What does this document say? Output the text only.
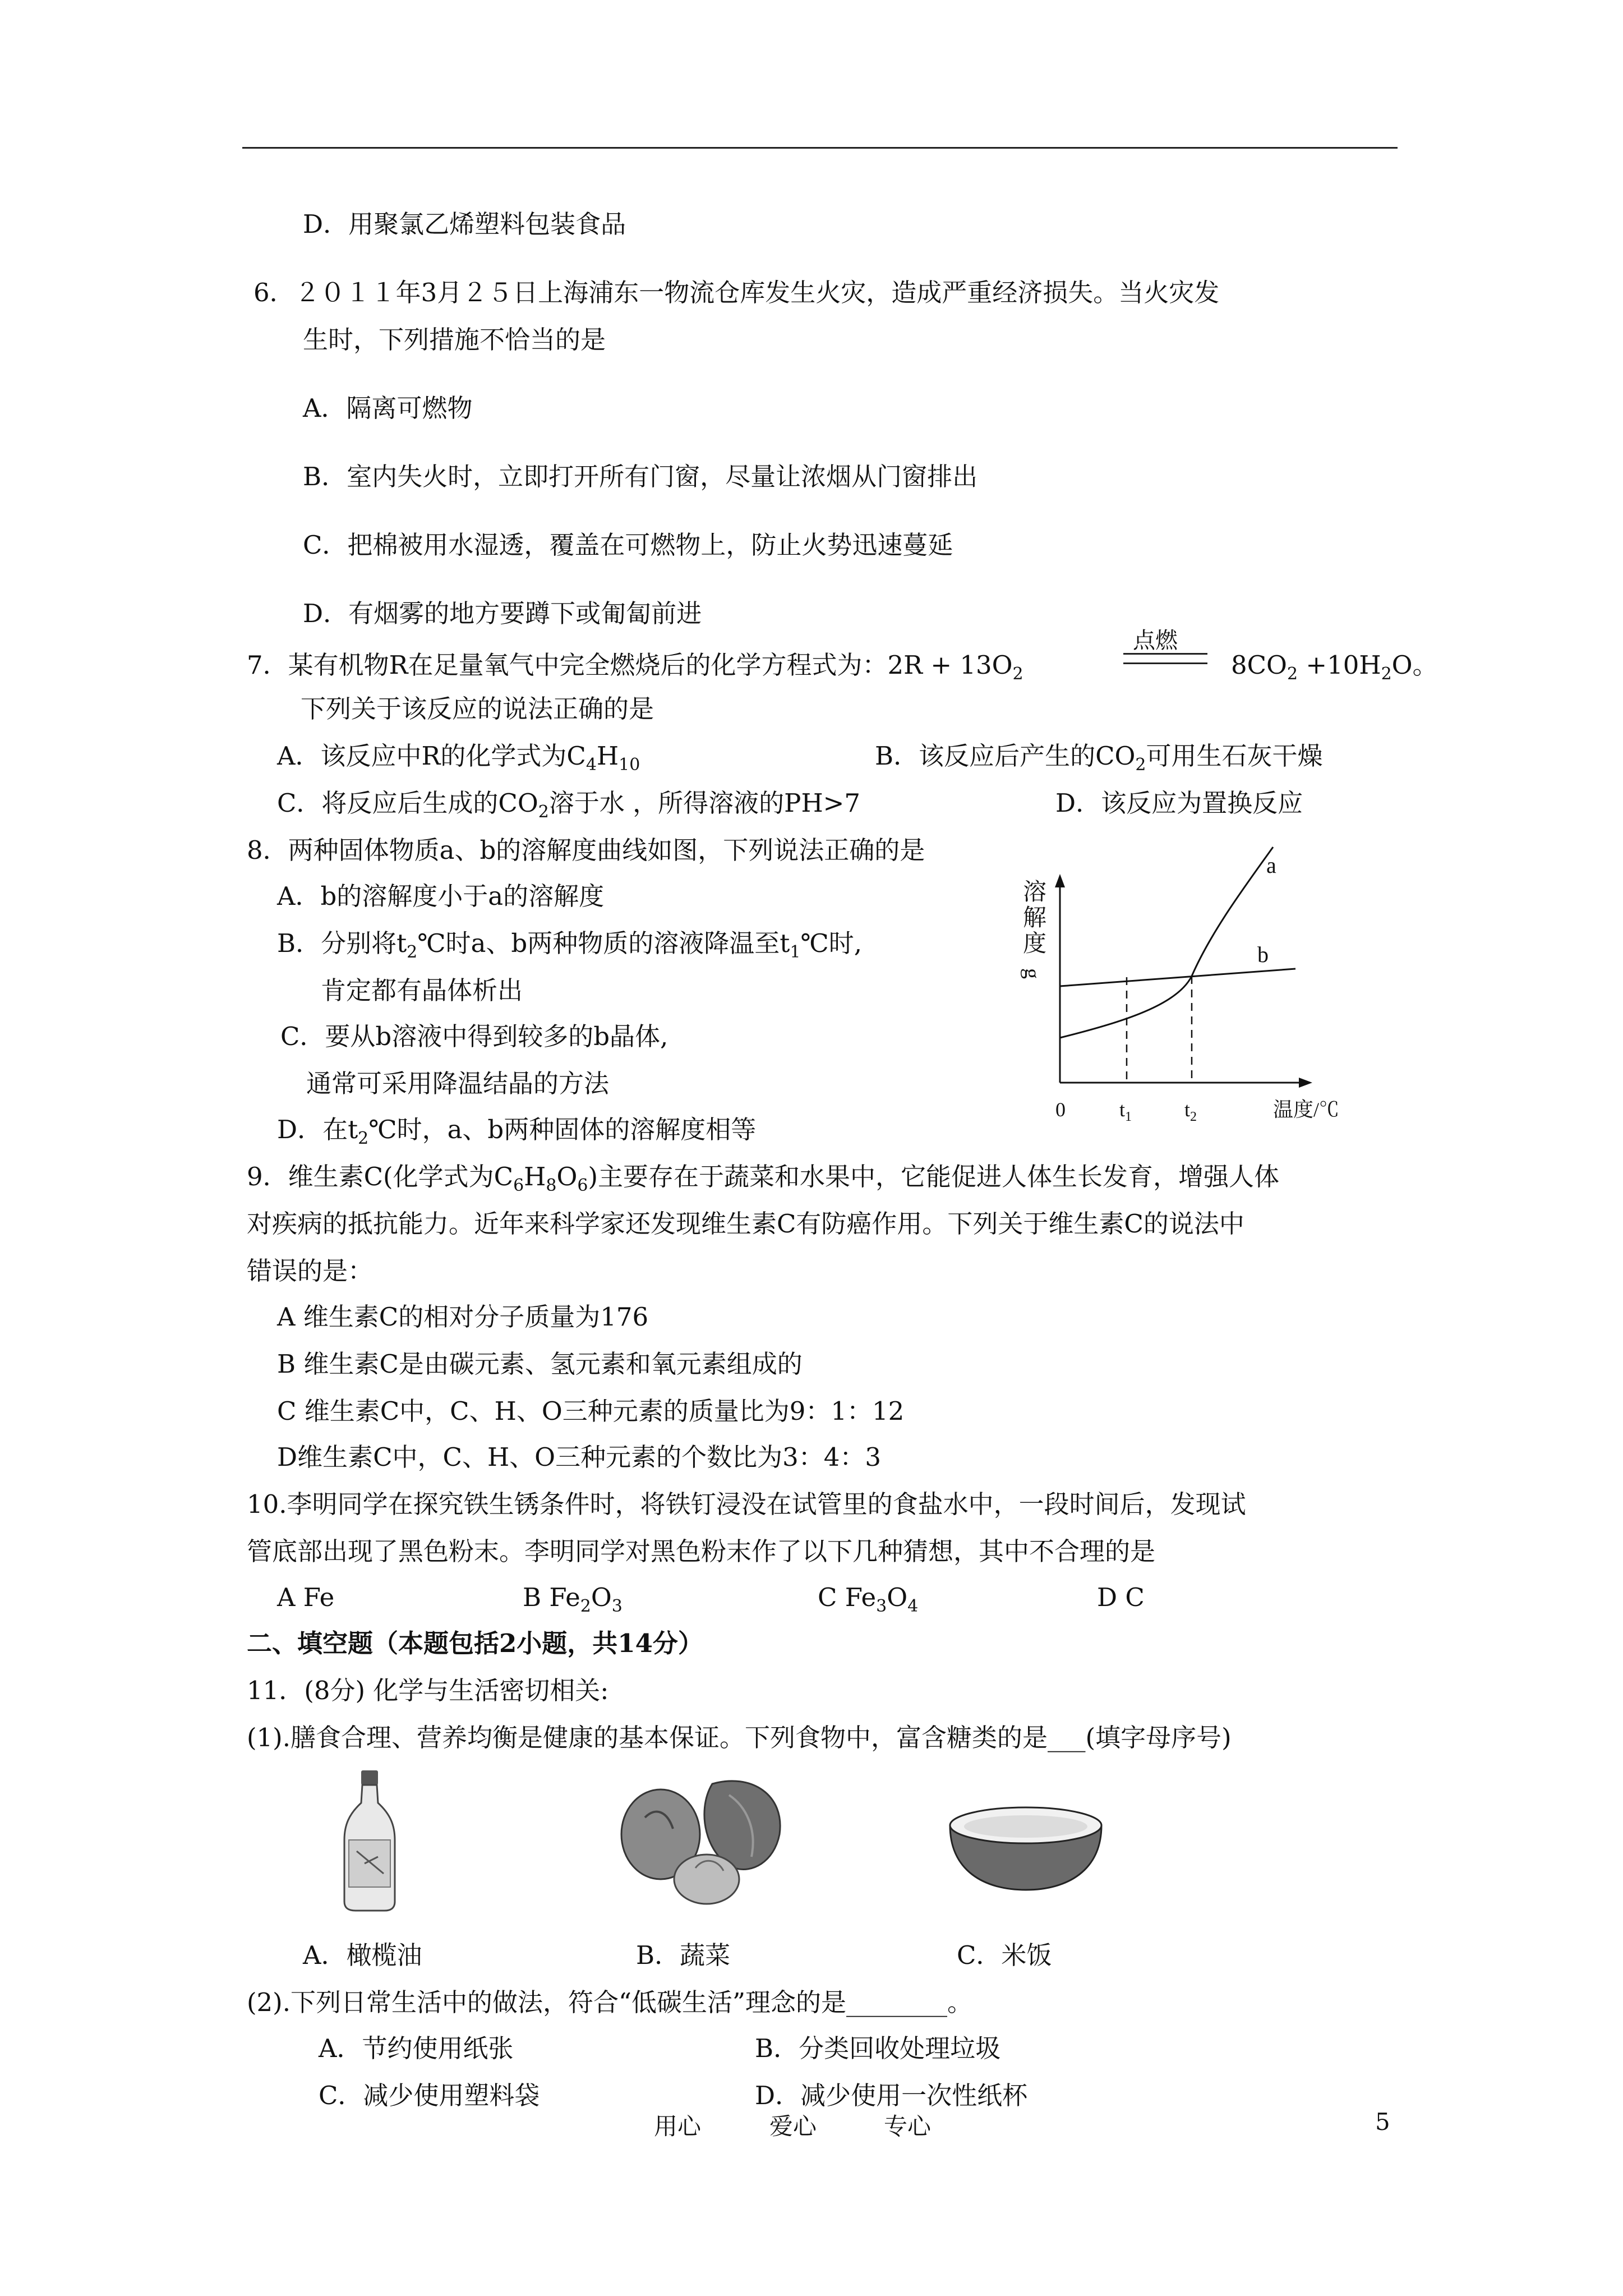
D．用聚氯乙烯塑料包装食品
6．２０１１年3月２５日上海浦东一物流仓库发生火灾，造成严重经济损失。当火灾发
生时，下列措施不恰当的是
A．隔离可燃物
B．室内失火时，立即打开所有门窗，尽量让浓烟从门窗排出
C．把棉被用水湿透，覆盖在可燃物上，防止火势迅速蔓延
D．有烟雾的地方要蹲下或匍匐前进
7．某有机物R在足量氧气中完全燃烧后的化学方程式为：$2R + 13O_2$
点燃
$8CO_2 +10H_2O$。
下列关于该反应的说法正确的是
A．该反应中R的化学式为$C_4H_{10}$	B．该反应后产生的$CO_2$可用生石灰干燥
C．将反应后生成的$CO_2$溶于水 ，所得溶液的PH>7	D．该反应为置换反应
8．两种固体物质a、b的溶解度曲线如图，下列说法正确的是
A．b的溶解度小于a的溶解度
B．分别将$t_2℃$时a、b两种物质的溶液降温至$t_1℃$时,
肯定都有晶体析出
C．要从b溶液中得到较多的b晶体,
通常可采用降温结晶的方法
D．在$t_2℃$时，a、b两种固体的溶解度相等
溶
解
度
g
0	$t_1$	$t_2$	温度/℃
a
b
9．维生素C(化学式为$C_6H_8O_6$)主要存在于蔬菜和水果中，它能促进人体生长发育，增强人体
对疾病的抵抗能力。近年来科学家还发现维生素C有防癌作用。下列关于维生素C的说法中
错误的是：
A 维生素C的相对分子质量为176
B 维生素C是由碳元素、氢元素和氧元素组成的
C 维生素C中，C、H、O三种元素的质量比为9：1：12
D维生素C中，C、H、O三种元素的个数比为3：4：3
10.李明同学在探究铁生锈条件时，将铁钉浸没在试管里的食盐水中，一段时间后，发现试
管底部出现了黑色粉末。李明同学对黑色粉末作了以下几种猜想，其中不合理的是
A Fe	B $Fe_2O_3$	C $Fe_3O_4$	D C
二、填空题（本题包括2小题，共14分）
11．(8分) 化学与生活密切相关:
(1).膳食合理、营养均衡是健康的基本保证。下列食物中，富含糖类的是___(填字母序号)
A．橄榄油	B．蔬菜	C．米饭
(2).下列日常生活中的做法，符合“低碳生活”理念的是________。
A．节约使用纸张	B．分类回收处理垃圾
C．减少使用塑料袋	D．减少使用一次性纸杯
用心	爱心	专心	5
